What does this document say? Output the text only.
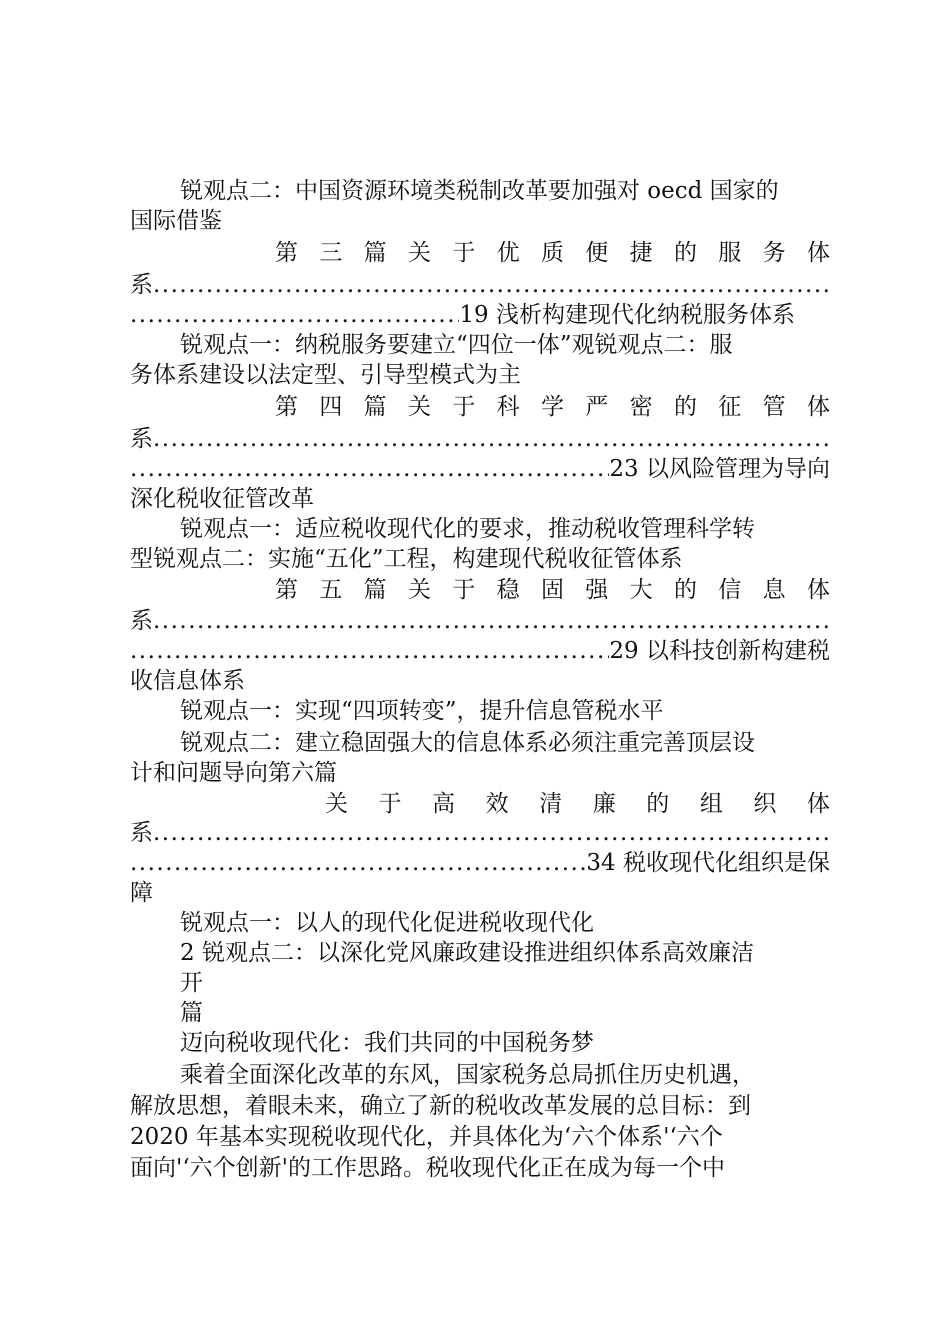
锐观点二：中国资源环境类税制改革要加强对 oecd 国家的
国际借鉴
第 三 篇 关 于 优 质 便 捷 的 服 务 体
系
.....
.....
19 浅析构建现代化纳税服务体系
锐观点一：纳税服务要建立“四位一体”观锐观点二：服
务体系建设以法定型、引导型模式为主
第 四 篇 关 于 科 学 严 密 的 征 管 体
系
.....
.....
23 以风险管理为导向
深化税收征管改革
锐观点一：适应税收现代化的要求，推动税收管理科学转
型锐观点二：实施“五化”工程，构建现代税收征管体系
第 五 篇 关 于 稳 固 强 大 的 信 息 体
系
.....
.....
29 以科技创新构建税
收信息体系
锐观点一：实现“四项转变”，提升信息管税水平
锐观点二：建立稳固强大的信息体系必须注重完善顶层设
计和问题导向第六篇
关 于 高 效 清 廉 的 组 织 体
系
.....
.....
34 税收现代化组织是保
障
锐观点一：以人的现代化促进税收现代化
2 锐观点二：以深化党风廉政建设推进组织体系高效廉洁
开
篇
迈向税收现代化：我们共同的中国税务梦
乘着全面深化改革的东风，国家税务总局抓住历史机遇，
解放思想，着眼未来，确立了新的税收改革发展的总目标：到
2020 年基本实现税收现代化，并具体化为‘六个体系'‘六个
面向'‘六个创新'的工作思路。税收现代化正在成为每一个中
